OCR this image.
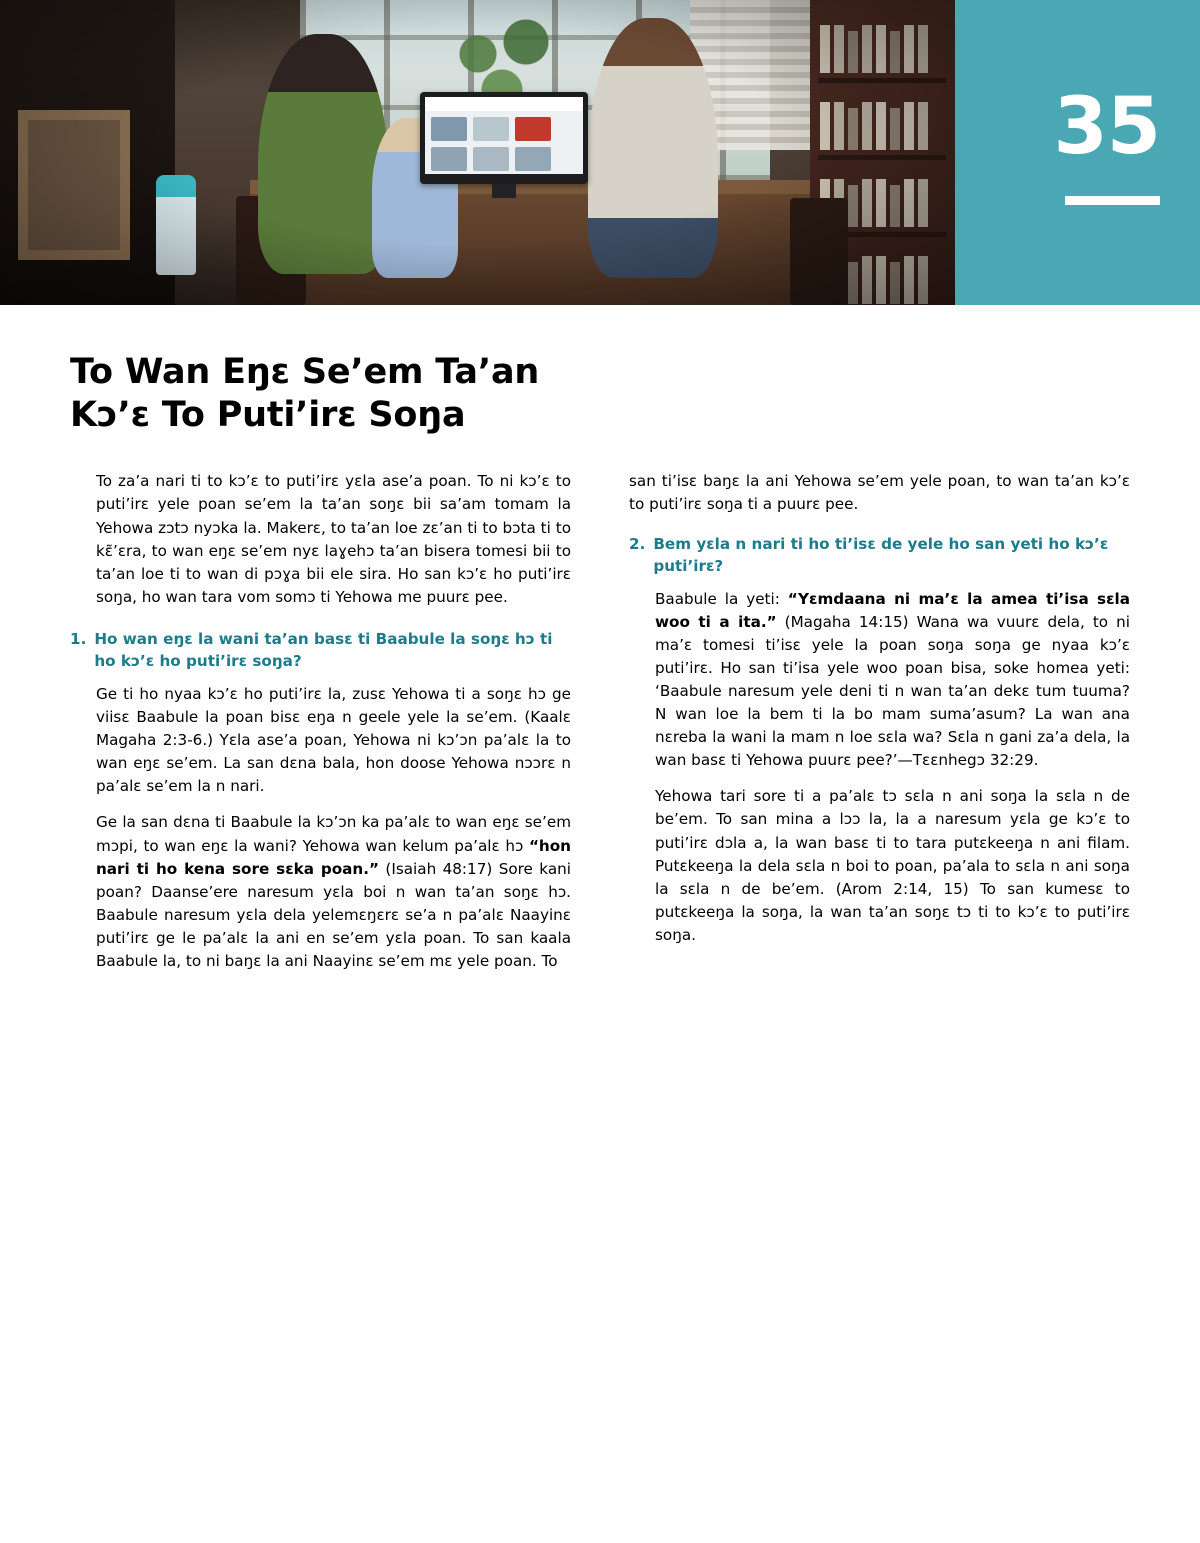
35
To Wan Eŋɛ Se’em Ta’an
Kɔ’ɛ To Puti’irɛ Soŋa

To za’a nari ti to kɔ’ɛ to puti’irɛ yɛla ase’a poan. To ni kɔ’ɛ to puti’irɛ yele poan se’em la ta’an soŋɛ bii sa’am tomam la Yehowa zɔtɔ nyɔka la. Makerɛ, to ta’an loe zɛ’an ti to bɔta ti to kɛ̃’ɛra, to wan eŋɛ se’em nyɛ laɣehɔ ta’an bisera tomesi bii to ta’an loe ti to wan di pɔɣa bii ele sira. Ho san kɔ’ɛ ho puti’irɛ soŋa, ho wan tara vom somɔ ti Yehowa me puurɛ pee.

1. Ho wan eŋɛ la wani ta’an basɛ ti Baabule la soŋɛ hɔ ti ho kɔ’ɛ ho puti’irɛ soŋa?

Ge ti ho nyaa kɔ’ɛ ho puti’irɛ la, zusɛ Yehowa ti a soŋɛ hɔ ge viisɛ Baabule la poan bisɛ eŋa n geele yele la se’em. (Kaalɛ Magaha 2:3-6.) Yɛla ase’a poan, Yehowa ni kɔ’ɔn pa’alɛ la to wan eŋɛ se’em. La san dɛna bala, hon doose Yehowa nɔɔrɛ n pa’alɛ se’em la n nari.

Ge la san dɛna ti Baabule la kɔ’ɔn ka pa’alɛ to wan eŋɛ se’em mɔpi, to wan eŋɛ la wani? Yehowa wan kelum pa’alɛ hɔ “hon nari ti ho kena sore sɛka poan.” (Isaiah 48:17) Sore kani poan? Daanse’ere naresum yɛla boi n wan ta’an soŋɛ hɔ. Baabule naresum yɛla dela yelemɛŋɛrɛ se’a n pa’alɛ Naayinɛ puti’irɛ ge le pa’alɛ la ani en se’em yɛla poan. To san kaala Baabule la, to ni baŋɛ la ani Naayinɛ se’em mɛ yele poan. To

san ti’isɛ baŋɛ la ani Yehowa se’em yele poan, to wan ta’an kɔ’ɛ to puti’irɛ soŋa ti a puurɛ pee.

2. Bem yɛla n nari ti ho ti’isɛ de yele ho san yeti ho kɔ’ɛ puti’irɛ?

Baabule la yeti: “Yɛmdaana ni ma’ɛ la amea ti’isa sɛla woo ti a ita.” (Magaha 14:15) Wana wa vuurɛ dela, to ni ma’ɛ tomesi ti’isɛ yele la poan soŋa soŋa ge nyaa kɔ’ɛ puti’irɛ. Ho san ti’isa yele woo poan bisa, soke homea yeti: ‘Baabule naresum yele deni ti n wan ta’an dekɛ tum tuuma? N wan loe la bem ti la bo mam suma’asum? La wan ana nɛreba la wani la mam n loe sɛla wa? Sɛla n gani za’a dela, la wan basɛ ti Yehowa puurɛ pee?’—Tɛɛnhegɔ 32:29.

Yehowa tari sore ti a pa’alɛ tɔ sɛla n ani soŋa la sɛla n de be’em. To san mina a lɔɔ la, la a naresum yɛla ge kɔ’ɛ to puti’irɛ dɔla a, la wan basɛ ti to tara putɛkeeŋa n ani filam. Putɛkeeŋa la dela sɛla n boi to poan, pa’ala to sɛla n ani soŋa la sɛla n de be’em. (Arom 2:14, 15) To san kumesɛ to putɛkeeŋa la soŋa, la wan ta’an soŋɛ tɔ ti to kɔ’ɛ to puti’irɛ soŋa.
